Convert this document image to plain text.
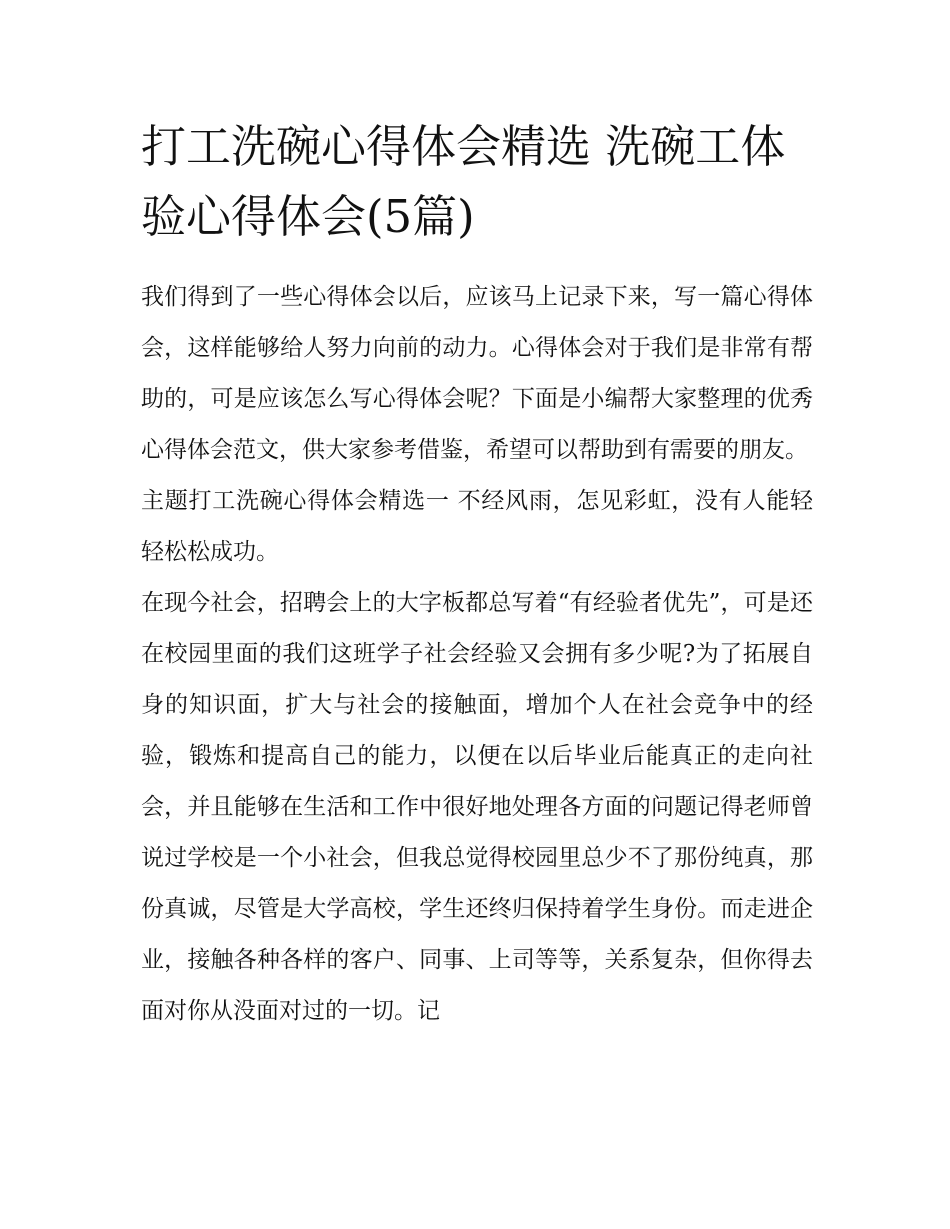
打工洗碗心得体会精选 洗碗工体验心得体会(5篇)

我们得到了一些心得体会以后，应该马上记录下来，写一篇心得体会，这样能够给人努力向前的动力。心得体会对于我们是非常有帮助的，可是应该怎么写心得体会呢？下面是小编帮大家整理的优秀心得体会范文，供大家参考借鉴，希望可以帮助到有需要的朋友。

主题打工洗碗心得体会精选一 不经风雨，怎见彩虹，没有人能轻轻松松成功。

在现今社会，招聘会上的大字板都总写着“有经验者优先”，可是还在校园里面的我们这班学子社会经验又会拥有多少呢?为了拓展自身的知识面，扩大与社会的接触面，增加个人在社会竞争中的经验，锻炼和提高自己的能力，以便在以后毕业后能真正的走向社会，并且能够在生活和工作中很好地处理各方面的问题记得老师曾说过学校是一个小社会，但我总觉得校园里总少不了那份纯真，那份真诚，尽管是大学高校，学生还终归保持着学生身份。而走进企业，接触各种各样的客户、同事、上司等等，关系复杂，但你得去面对你从没面对过的一切。记
